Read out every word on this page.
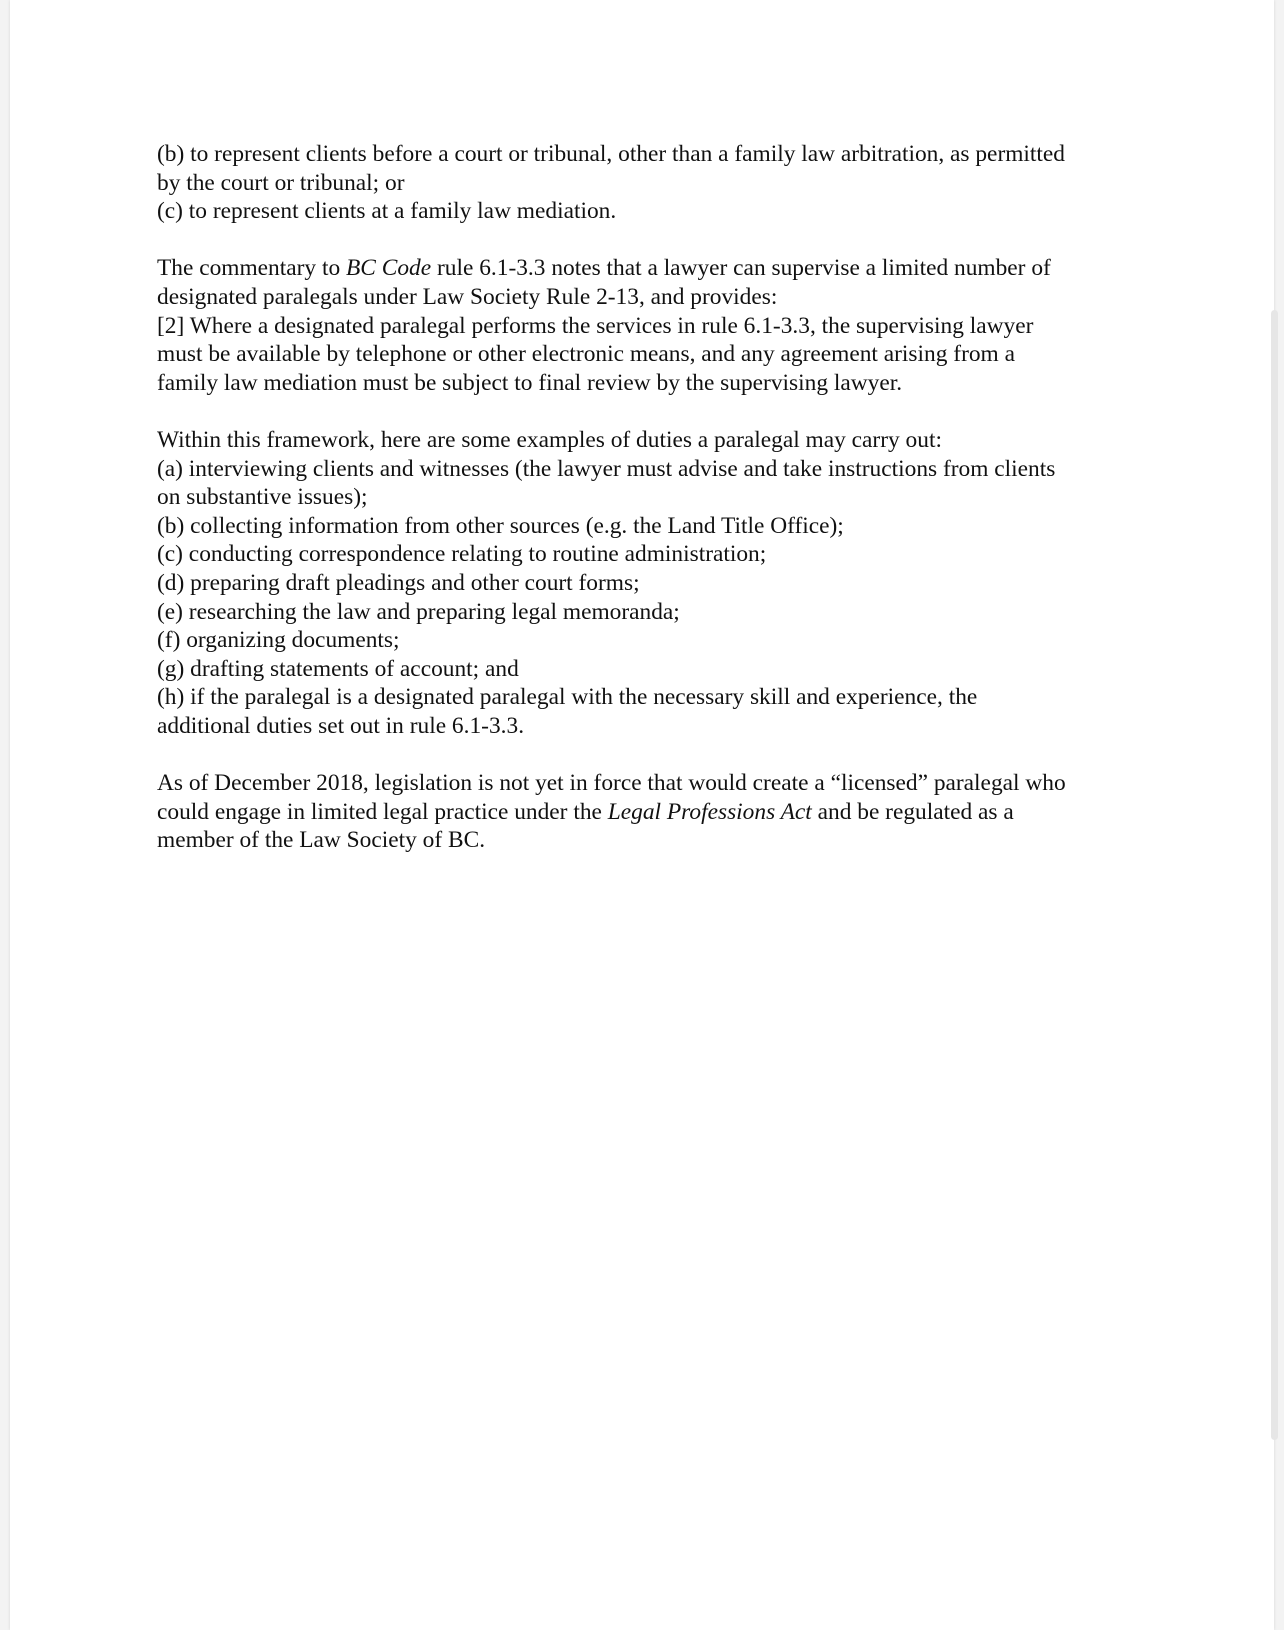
(b) to represent clients before a court or tribunal, other than a family law arbitration, as permitted
by the court or tribunal; or
(c) to represent clients at a family law mediation.

The commentary to BC Code rule 6.1-3.3 notes that a lawyer can supervise a limited number of
designated paralegals under Law Society Rule 2-13, and provides:
[2] Where a designated paralegal performs the services in rule 6.1-3.3, the supervising lawyer
must be available by telephone or other electronic means, and any agreement arising from a
family law mediation must be subject to final review by the supervising lawyer.

Within this framework, here are some examples of duties a paralegal may carry out:
(a) interviewing clients and witnesses (the lawyer must advise and take instructions from clients
on substantive issues);
(b) collecting information from other sources (e.g. the Land Title Office);
(c) conducting correspondence relating to routine administration;
(d) preparing draft pleadings and other court forms;
(e) researching the law and preparing legal memoranda;
(f) organizing documents;
(g) drafting statements of account; and
(h) if the paralegal is a designated paralegal with the necessary skill and experience, the
additional duties set out in rule 6.1-3.3.

As of December 2018, legislation is not yet in force that would create a “licensed” paralegal who
could engage in limited legal practice under the Legal Professions Act and be regulated as a
member of the Law Society of BC.
